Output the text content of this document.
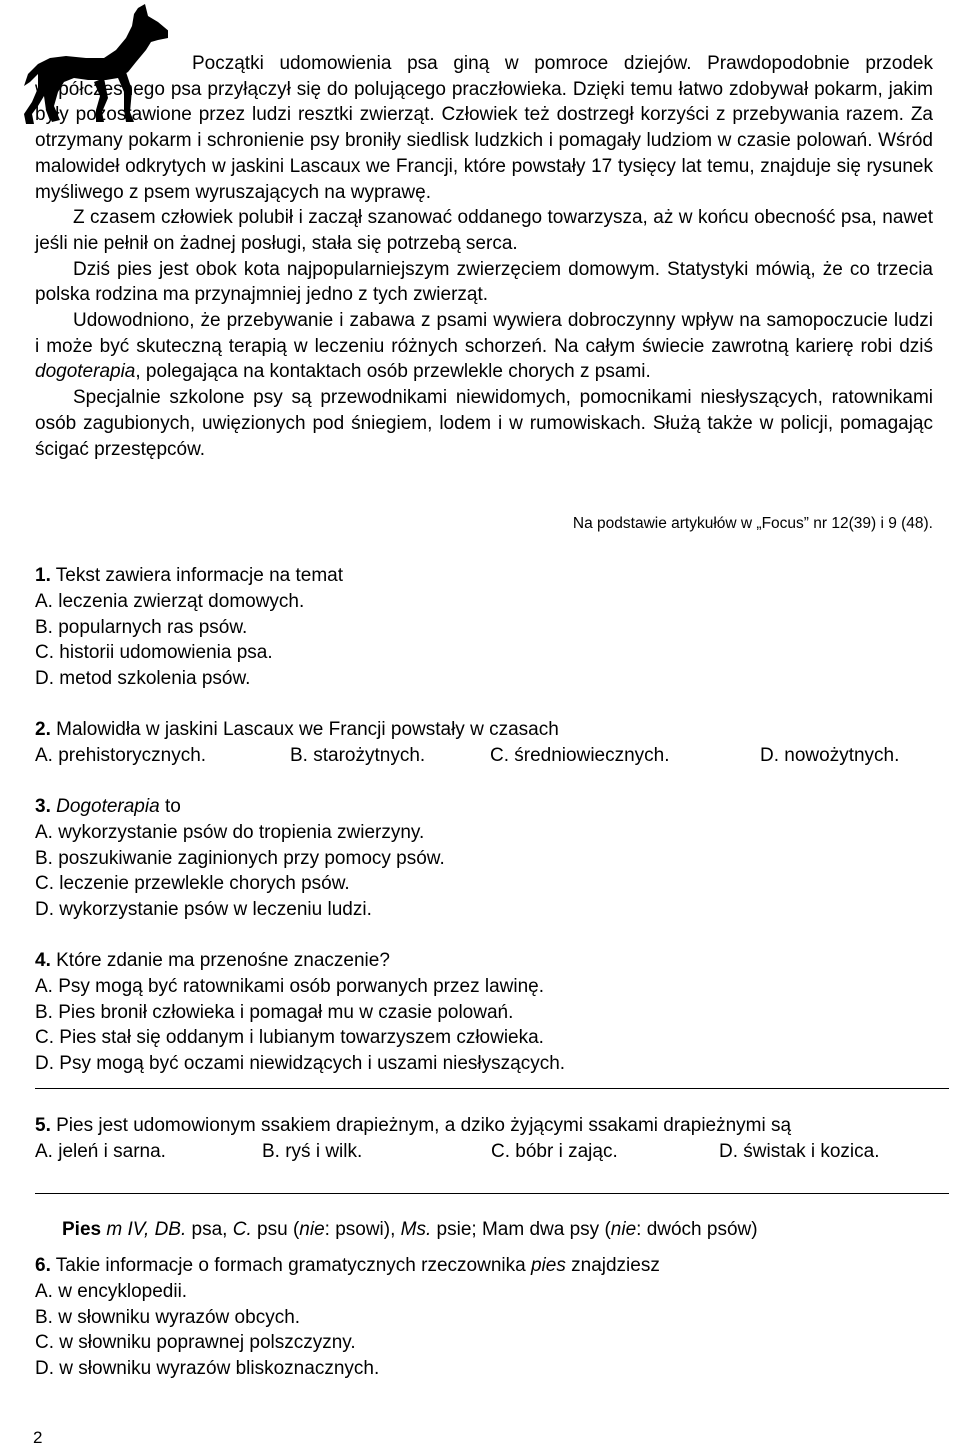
Początki udomowienia psa giną w pomroce dziejów. Prawdopodobnie przodek współczesnego psa przyłączył się do polującego praczłowieka. Dzięki temu łatwo zdobywał pokarm, jakim były pozostawione przez ludzi resztki zwierząt. Człowiek też dostrzegł korzyści z przebywania razem. Za otrzymany pokarm i schronienie psy broniły siedlisk ludzkich i pomagały ludziom w czasie polowań. Wśród malowideł odkrytych w jaskini Lascaux we Francji, które powstały 17 tysięcy lat temu, znajduje się rysunek myśliwego z psem wyruszających na wyprawę.

Z czasem człowiek polubił i zaczął szanować oddanego towarzysza, aż w końcu obecność psa, nawet jeśli nie pełnił on żadnej posługi, stała się potrzebą serca.

Dziś pies jest obok kota najpopularniejszym zwierzęciem domowym. Statystyki mówią, że co trzecia polska rodzina ma przynajmniej jedno z tych zwierząt.

Udowodniono, że przebywanie i zabawa z psami wywiera dobroczynny wpływ na samopoczucie ludzi i może być skuteczną terapią w leczeniu różnych schorzeń. Na całym świecie zawrotną karierę robi dziś dogoterapia, polegająca na kontaktach osób przewlekle chorych z psami.

Specjalnie szkolone psy są przewodnikami niewidomych, pomocnikami niesłyszących, ratownikami osób zagubionych, uwięzionych pod śniegiem, lodem i w rumowiskach. Służą także w policji, pomagając ścigać przestępców.

Na podstawie artykułów w „Focus” nr 12(39) i 9 (48).
1. Tekst zawiera informacje na temat
A. leczenia zwierząt domowych.
B. popularnych ras psów.
C. historii udomowienia psa.
D. metod szkolenia psów.
2. Malowidła w jaskini Lascaux we Francji powstały w czasach
A. prehistorycznych.	B. starożytnych.	C. średniowiecznych.	D. nowożytnych.
3. Dogoterapia to
A. wykorzystanie psów do tropienia zwierzyny.
B. poszukiwanie zaginionych przy pomocy psów.
C. leczenie przewlekle chorych psów.
D. wykorzystanie psów w leczeniu ludzi.
4. Które zdanie ma przenośne znaczenie?
A. Psy mogą być ratownikami osób porwanych przez lawinę.
B. Pies bronił człowieka i pomagał mu w czasie polowań.
C. Pies stał się oddanym i lubianym towarzyszem człowieka.
D. Psy mogą być oczami niewidzących i uszami niesłyszących.
5. Pies jest udomowionym ssakiem drapieżnym, a dziko żyjącymi ssakami drapieżnymi są
A. jeleń i sarna.	B. ryś i wilk.	C. bóbr i zając.	D. świstak i kozica.
Pies m IV, DB. psa, C. psu (nie: psowi), Ms. psie; Mam dwa psy (nie: dwóch psów)
6. Takie informacje o formach gramatycznych rzeczownika pies znajdziesz
A. w encyklopedii.
B. w słowniku wyrazów obcych.
C. w słowniku poprawnej polszczyzny.
D. w słowniku wyrazów bliskoznacznych.
2
